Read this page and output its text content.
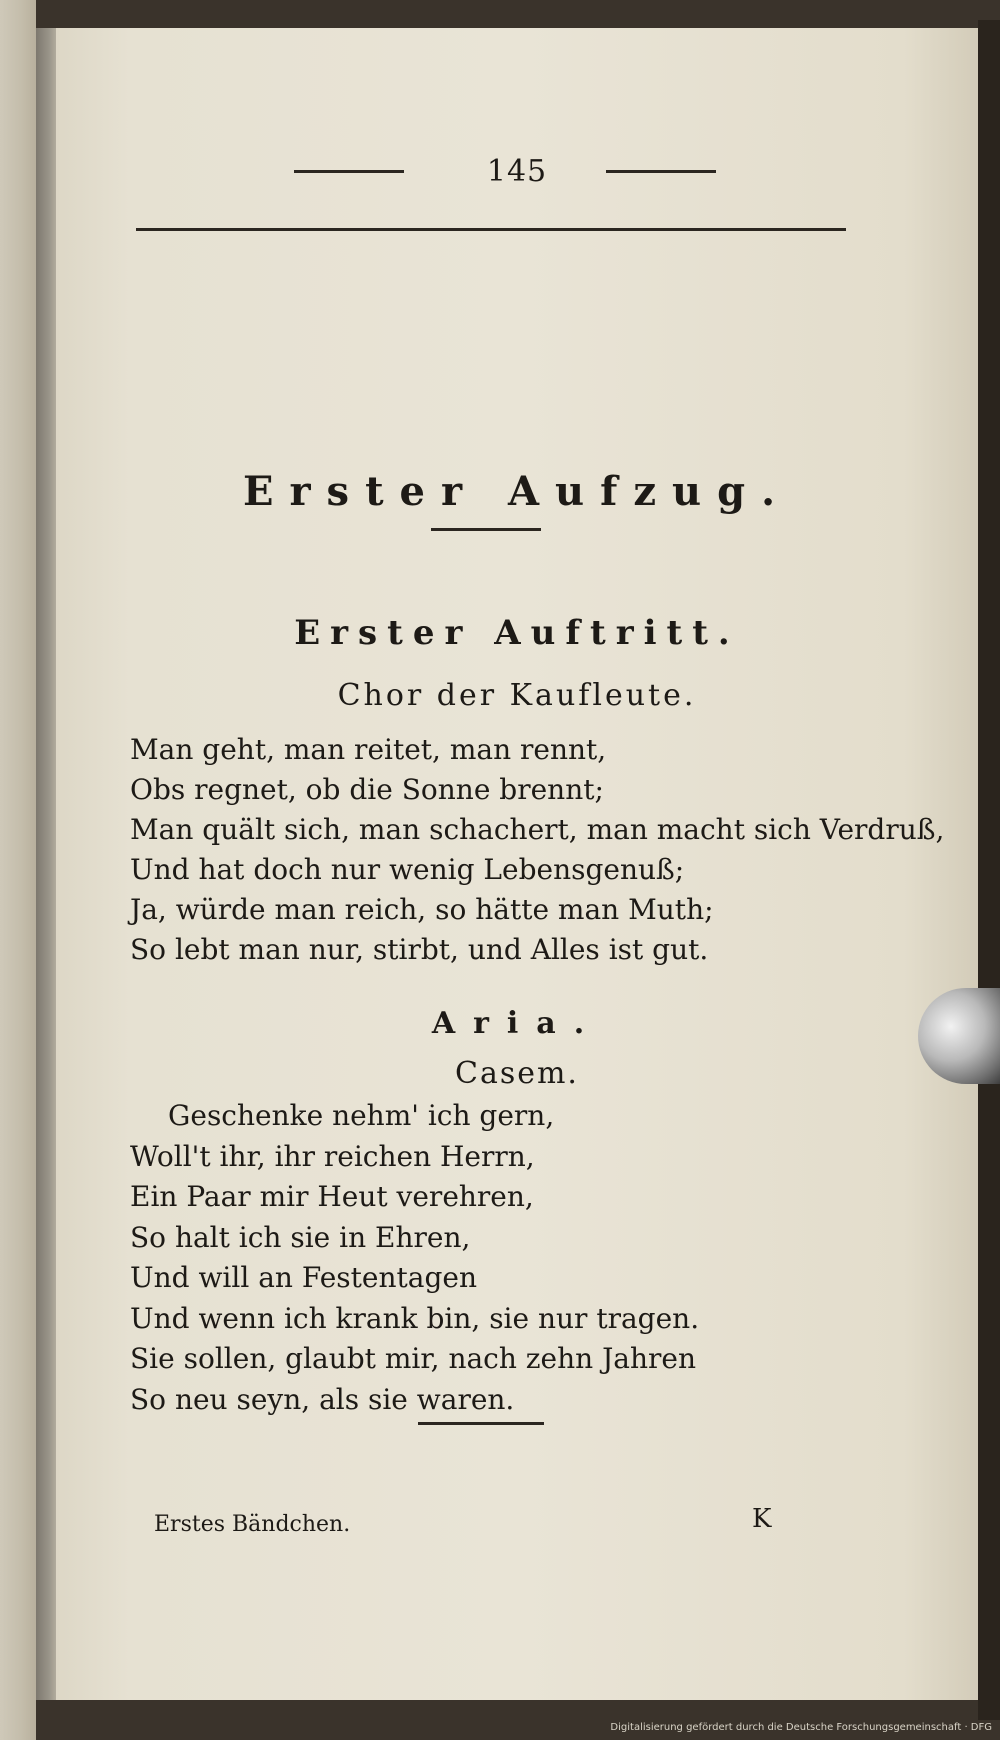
145
Erster Aufzug.
Erster Auftritt.
Chor der Kaufleute.
Man geht, man reitet, man rennt,
Obs regnet, ob die Sonne brennt;
Man quält sich, man schachert, man macht sich Verdruß,
Und hat doch nur wenig Lebensgenuß;
Ja, würde man reich, so hätte man Muth;
So lebt man nur, stirbt, und Alles ist gut.
Aria.
Casem.
Geschenke nehm' ich gern,
Woll't ihr, ihr reichen Herrn,
Ein Paar mir Heut verehren,
So halt ich sie in Ehren,
Und will an Festentagen
Und wenn ich krank bin, sie nur tragen.
Sie sollen, glaubt mir, nach zehn Jahren
So neu seyn, als sie waren.
Erstes Bändchen.	K
Digitalisierung gefördert durch die Deutsche Forschungsgemeinschaft · DFG
